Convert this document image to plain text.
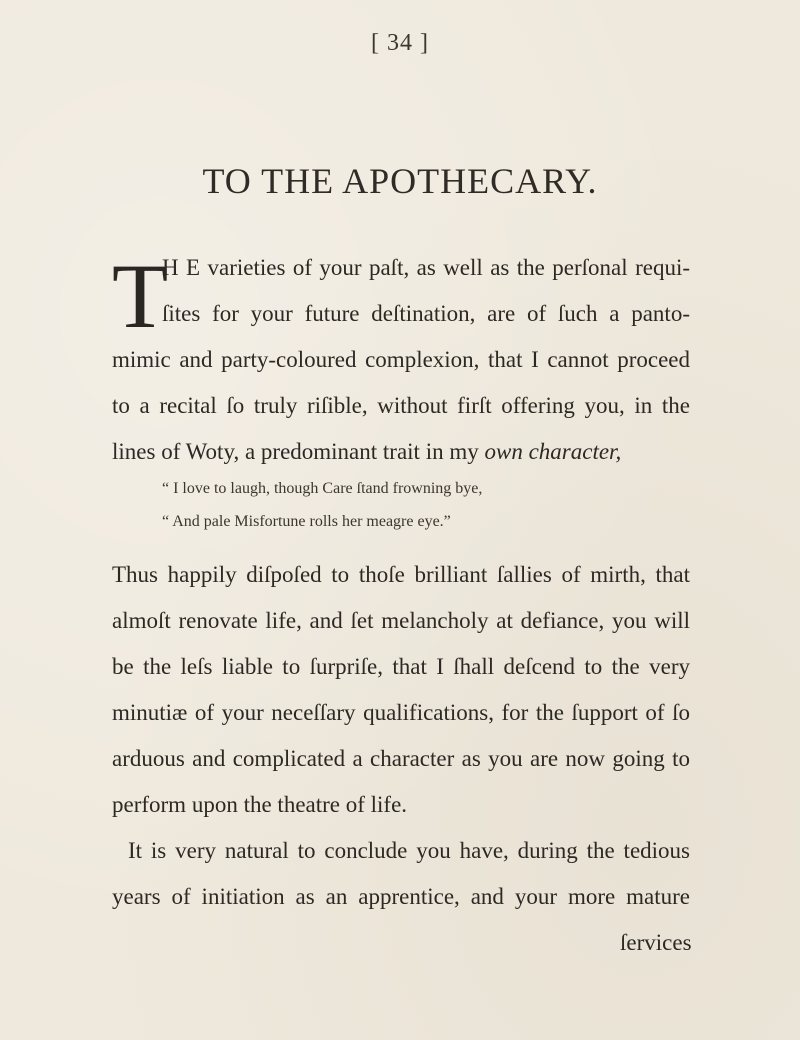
[ 34 ]
TO THE APOTHECARY.
T
H E varieties of your paſt, as well as the perſonal requi-
ſites for your future deſtination, are of ſuch a panto-
mimic and party-coloured complexion, that I cannot proceed
to a recital ſo truly riſible, without firſt offering you, in the
lines of Woty, a predominant trait in my own character,
“ I love to laugh, though Care ſtand frowning bye,
“ And pale Misfortune rolls her meagre eye.”
Thus happily diſpoſed to thoſe brilliant ſallies of mirth, that
almoſt renovate life, and ſet melancholy at defiance, you will
be the leſs liable to ſurpriſe, that I ſhall deſcend to the very
minutiæ of your neceſſary qualifications, for the ſupport of ſo
arduous and complicated a character as you are now going to
perform upon the theatre of life.
It is very natural to conclude you have, during the tedious
years of initiation as an apprentice, and your more mature
ſervices
